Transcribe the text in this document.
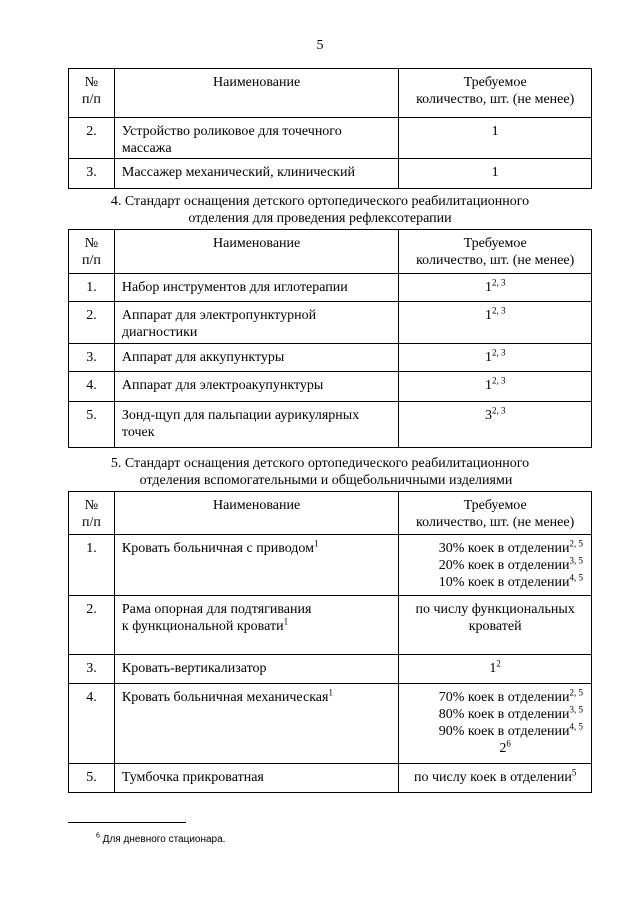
5
№
п/п	Наименование	Требуемое
количество, шт. (не менее)
2.	Устройство роликовое для точечного массажа	1
3.	Массажер механический, клинический	1
4. Стандарт оснащения детского ортопедического реабилитационного
отделения для проведения рефлексотерапии
№
п/п	Наименование	Требуемое
количество, шт. (не менее)
1.	Набор инструментов для иглотерапии	1$^{2, 3}$
2.	Аппарат для электропунктурной диагностики	1$^{2, 3}$
3.	Аппарат для аккупунктуры	1$^{2, 3}$
4.	Аппарат для электроакупунктуры	1$^{2, 3}$
5.	Зонд-щуп для пальпации аурикулярных точек	3$^{2, 3}$
5. Стандарт оснащения детского ортопедического реабилитационного
отделения вспомогательными и общебольничными изделиями
№
п/п	Наименование	Требуемое
количество, шт. (не менее)
1.	Кровать больничная с приводом$^1$	30% коек в отделении$^{2, 5}$
20% коек в отделении$^{3, 5}$
10% коек в отделении$^{4, 5}$

2.	Рама опорная для подтягивания
к функциональной кровати$^1$	по числу функциональных
кроватей

3.	Кровать-вертикализатор	$1^2$
4.	Кровать больничная механическая$^1$	70% коек в отделении$^{2, 5}$
80% коек в отделении$^{3, 5}$
90% коек в отделении$^{4, 5}$
$2^6$

5.	Тумбочка прикроватная	по числу коек в отделении$^5$
$^6$ Для дневного стационара.
